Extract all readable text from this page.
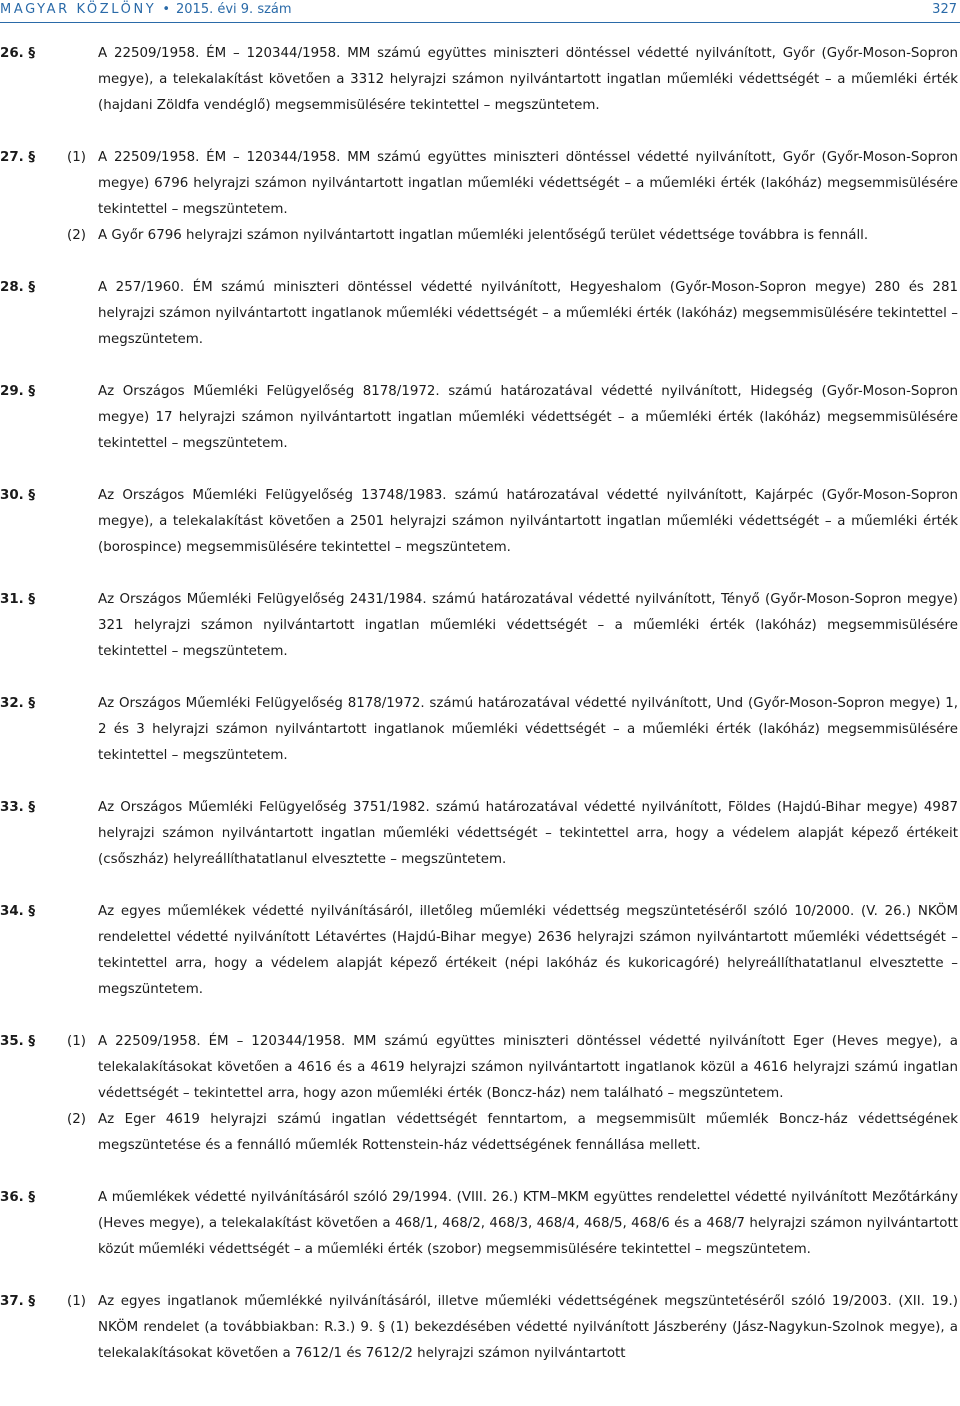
MAGYAR KÖZLÖNY • 2015. évi 9. szám	327
26. §	A 22509/1958. ÉM – 120344/1958. MM számú együttes miniszteri döntéssel védetté nyilvánított, Győr (Győr-Moson-Sopron megye), a telekalakítást követően a 3312 helyrajzi számon nyilvántartott ingatlan műemléki védettségét – a műemléki érték (hajdani Zöldfa vendéglő) megsemmisülésére tekintettel – megszüntetem.
27. § (1) A 22509/1958. ÉM – 120344/1958. MM számú együttes miniszteri döntéssel védetté nyilvánított, Győr (Győr-Moson-Sopron megye) 6796 helyrajzi számon nyilvántartott ingatlan műemléki védettségét – a műemléki érték (lakóház) megsemmisülésére tekintettel – megszüntetem.
(2) A Győr 6796 helyrajzi számon nyilvántartott ingatlan műemléki jelentőségű terület védettsége továbbra is fennáll.
28. §	A 257/1960. ÉM számú miniszteri döntéssel védetté nyilvánított, Hegyeshalom (Győr-Moson-Sopron megye) 280 és 281 helyrajzi számon nyilvántartott ingatlanok műemléki védettségét – a műemléki érték (lakóház) megsemmisülésére tekintettel – megszüntetem.
29. §	Az Országos Műemléki Felügyelőség 8178/1972. számú határozatával védetté nyilvánított, Hidegség (Győr-Moson-Sopron megye) 17 helyrajzi számon nyilvántartott ingatlan műemléki védettségét – a műemléki érték (lakóház) megsemmisülésére tekintettel – megszüntetem.
30. §	Az Országos Műemléki Felügyelőség 13748/1983. számú határozatával védetté nyilvánított, Kajárpéc (Győr-Moson-Sopron megye), a telekalakítást követően a 2501 helyrajzi számon nyilvántartott ingatlan műemléki védettségét – a műemléki érték (borospince) megsemmisülésére tekintettel – megszüntetem.
31. §	Az Országos Műemléki Felügyelőség 2431/1984. számú határozatával védetté nyilvánított, Tényő (Győr-Moson-Sopron megye) 321 helyrajzi számon nyilvántartott ingatlan műemléki védettségét – a műemléki érték (lakóház) megsemmisülésére tekintettel – megszüntetem.
32. §	Az Országos Műemléki Felügyelőség 8178/1972. számú határozatával védetté nyilvánított, Und (Győr-Moson-Sopron megye) 1, 2 és 3 helyrajzi számon nyilvántartott ingatlanok műemléki védettségét – a műemléki érték (lakóház) megsemmisülésére tekintettel – megszüntetem.
33. §	Az Országos Műemléki Felügyelőség 3751/1982. számú határozatával védetté nyilvánított, Földes (Hajdú-Bihar megye) 4987 helyrajzi számon nyilvántartott ingatlan műemléki védettségét – tekintettel arra, hogy a védelem alapját képező értékeit (csőszház) helyreállíthatatlanul elvesztette – megszüntetem.
34. §	Az egyes műemlékek védetté nyilvánításáról, illetőleg műemléki védettség megszüntetéséről szóló 10/2000. (V. 26.) NKÖM rendelettel védetté nyilvánított Létavértes (Hajdú-Bihar megye) 2636 helyrajzi számon nyilvántartott műemléki védettségét – tekintettel arra, hogy a védelem alapját képező értékeit (népi lakóház és kukoricagóré) helyreállíthatatlanul elvesztette – megszüntetem.
35. § (1) A 22509/1958. ÉM – 120344/1958. MM számú együttes miniszteri döntéssel védetté nyilvánított Eger (Heves megye), a telekalakításokat követően a 4616 és a 4619 helyrajzi számon nyilvántartott ingatlanok közül a 4616 helyrajzi számú ingatlan védettségét – tekintettel arra, hogy azon műemléki érték (Boncz-ház) nem található – megszüntetem.
(2) Az Eger 4619 helyrajzi számú ingatlan védettségét fenntartom, a megsemmisült műemlék Boncz-ház védettségének megszüntetése és a fennálló műemlék Rottenstein-ház védettségének fennállása mellett.
36. §	A műemlékek védetté nyilvánításáról szóló 29/1994. (VIII. 26.) KTM–MKM együttes rendelettel védetté nyilvánított Mezőtárkány (Heves megye), a telekalakítást követően a 468/1, 468/2, 468/3, 468/4, 468/5, 468/6 és a 468/7 helyrajzi számon nyilvántartott közút műemléki védettségét – a műemléki érték (szobor) megsemmisülésére tekintettel – megszüntetem.
37. § (1) Az egyes ingatlanok műemlékké nyilvánításáról, illetve műemléki védettségének megszüntetéséről szóló 19/2003. (XII. 19.) NKÖM rendelet (a továbbiakban: R.3.) 9. § (1) bekezdésében védetté nyilvánított Jászberény (Jász-Nagykun-Szolnok megye), a telekalakításokat követően a 7612/1 és 7612/2 helyrajzi számon nyilvántartott
